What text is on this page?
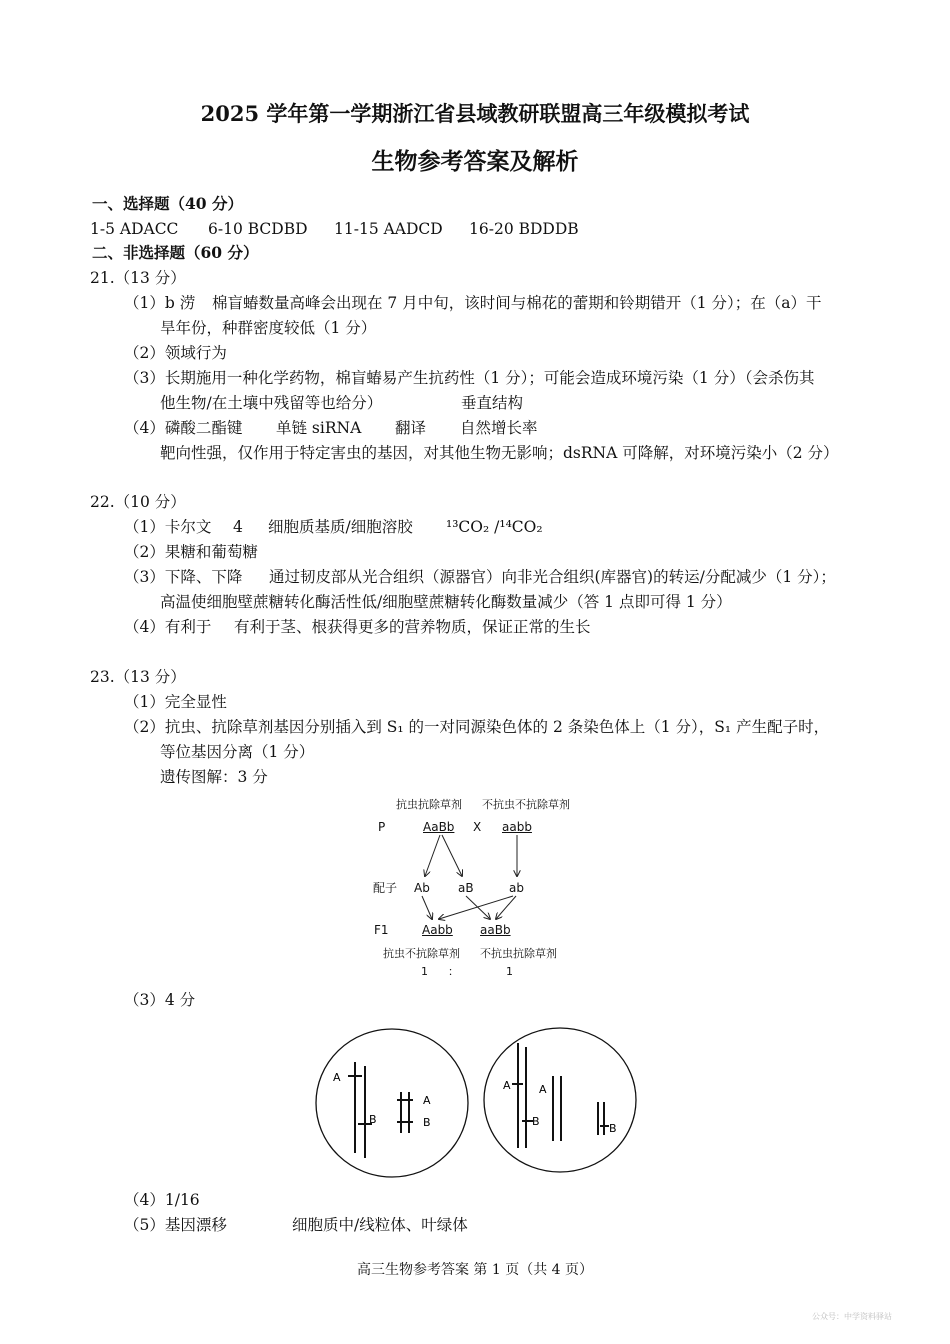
2025 学年第一学期浙江省县域教研联盟高三年级模拟考试
生物参考答案及解析
一、选择题（40 分）
1-5 ADACC 6-10 BCDBD 11-15 AADCD 16-20 BDDDB
二、非选择题（60 分）
21.（13 分）
（1）b 涝 棉盲蝽数量高峰会出现在 7 月中旬，该时间与棉花的蕾期和铃期错开（1 分）；在（a）干
旱年份，种群密度较低（1 分）
（2）领域行为
（3）长期施用一种化学药物，棉盲蝽易产生抗药性（1 分）；可能会造成环境污染（1 分）（会杀伤其
他生物/在土壤中残留等也给分）	垂直结构
（4）磷酸二酯键 单链 siRNA 翻译 自然增长率
靶向性强，仅作用于特定害虫的基因，对其他生物无影响；dsRNA 可降解，对环境污染小（2 分）
22.（10 分）
（1）卡尔文 4 细胞质基质/细胞溶胶 ¹³CO₂ /¹⁴CO₂
（2）果糖和葡萄糖
（3）下降、下降 通过韧皮部从光合组织（源器官）向非光合组织(库器官)的转运/分配减少（1 分）；
高温使细胞壁蔗糖转化酶活性低/细胞壁蔗糖转化酶数量减少（答 1 点即可得 1 分）
（4）有利于 有利于茎、根获得更多的营养物质，保证正常的生长
23.（13 分）
（1）完全显性
（2）抗虫、抗除草剂基因分别插入到 S₁ 的一对同源染色体的 2 条染色体上（1 分），S₁ 产生配子时，
等位基因分离（1 分）
遗传图解：3 分
抗虫抗除草剂 不抗虫不抗除草剂
P	AaBb X aabb
配子 Ab aB	ab
F1	Aabb aaBb
抗虫不抗除草剂 不抗虫抗除草剂
1 ：	1
（3）4 分
A
B
A
B
A
B
A
B
（4）1/16
（5）基因漂移	细胞质中/线粒体、叶绿体
高三生物参考答案 第 1 页（共 4 页）
公众号：中学资料驿站
